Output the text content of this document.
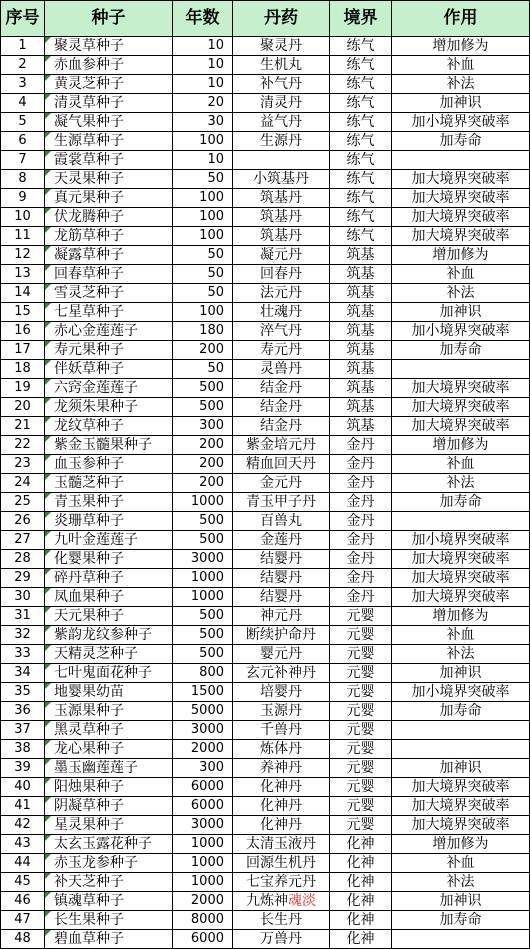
序号	种子	年数	丹药	境界	作用
1	聚灵草种子	10	聚灵丹	练气	增加修为
2	赤血参种子	10	生机丸	练气	补血
3	黄灵芝种子	10	补气丹	练气	补法
4	清灵草种子	20	清灵丹	练气	加神识
5	凝气果种子	30	益气丹	练气	加小境界突破率
6	生源草种子	100	生源丹	练气	加寿命
7	霞裳草种子	10		练气	
8	天灵果种子	50	小筑基丹	练气	加大境界突破率
9	真元果种子	100	筑基丹	练气	加大境界突破率
10	伏龙腾种子	100	筑基丹	练气	加大境界突破率
11	龙筋草种子	100	筑基丹	练气	加大境界突破率
12	凝露草种子	50	凝元丹	筑基	增加修为
13	回春草种子	50	回春丹	筑基	补血
14	雪灵芝种子	50	法元丹	筑基	补法
15	七星草种子	100	壮魂丹	筑基	加神识
16	赤心金莲莲子	180	淬气丹	筑基	加小境界突破率
17	寿元果种子	200	寿元丹	筑基	加寿命
18	伴妖草种子	50	灵兽丹	筑基	
19	六窍金莲莲子	500	结金丹	筑基	加大境界突破率
20	龙须朱果种子	500	结金丹	筑基	加大境界突破率
21	龙纹草种子	300	结金丹	筑基	加大境界突破率
22	紫金玉髓果种子	200	紫金培元丹	金丹	增加修为
23	血玉参种子	200	精血回天丹	金丹	补血
24	玉髓芝种子	200	金元丹	金丹	补法
25	青玉果种子	1000	青玉甲子丹	金丹	加寿命
26	炎珊草种子	500	百兽丸	金丹	
27	九叶金莲莲子	500	金莲丹	金丹	加小境界突破率
28	化婴果种子	3000	结婴丹	金丹	加大境界突破率
29	碎丹草种子	1000	结婴丹	金丹	加大境界突破率
30	凤血果种子	1000	结婴丹	金丹	加大境界突破率
31	天元果种子	500	神元丹	元婴	增加修为
32	紫韵龙纹参种子	500	断续护命丹	元婴	补血
33	天精灵芝种子	500	婴元丹	元婴	补法
34	七叶鬼面花种子	800	玄元补神丹	元婴	加神识
35	地婴果幼苗	1500	培婴丹	元婴	加小境界突破率
36	玉源果种子	5000	玉源丹	元婴	加寿命
37	黑灵草种子	3000	千兽丹	元婴	
38	龙心果种子	2000	炼体丹	元婴	
39	墨玉幽莲莲子	300	养神丹	元婴	加神识
40	阳烛果种子	6000	化神丹	元婴	加大境界突破率
41	阴凝草种子	6000	化神丹	元婴	加大境界突破率
42	星灵果种子	3000	化神丹	元婴	加大境界突破率
43	太玄玉露花种子	1000	太清玉液丹	化神	增加修为
44	赤玉龙参种子	1000	回源生机丹	化神	补血
45	补天芝种子	1000	七宝养元丹	化神	补法
46	镇魂草种子	2000	九炼神魂淡	化神	加神识
47	长生果种子	8000	长生丹	化神	加寿命
48	碧血草种子	6000	万兽丹	化神	
